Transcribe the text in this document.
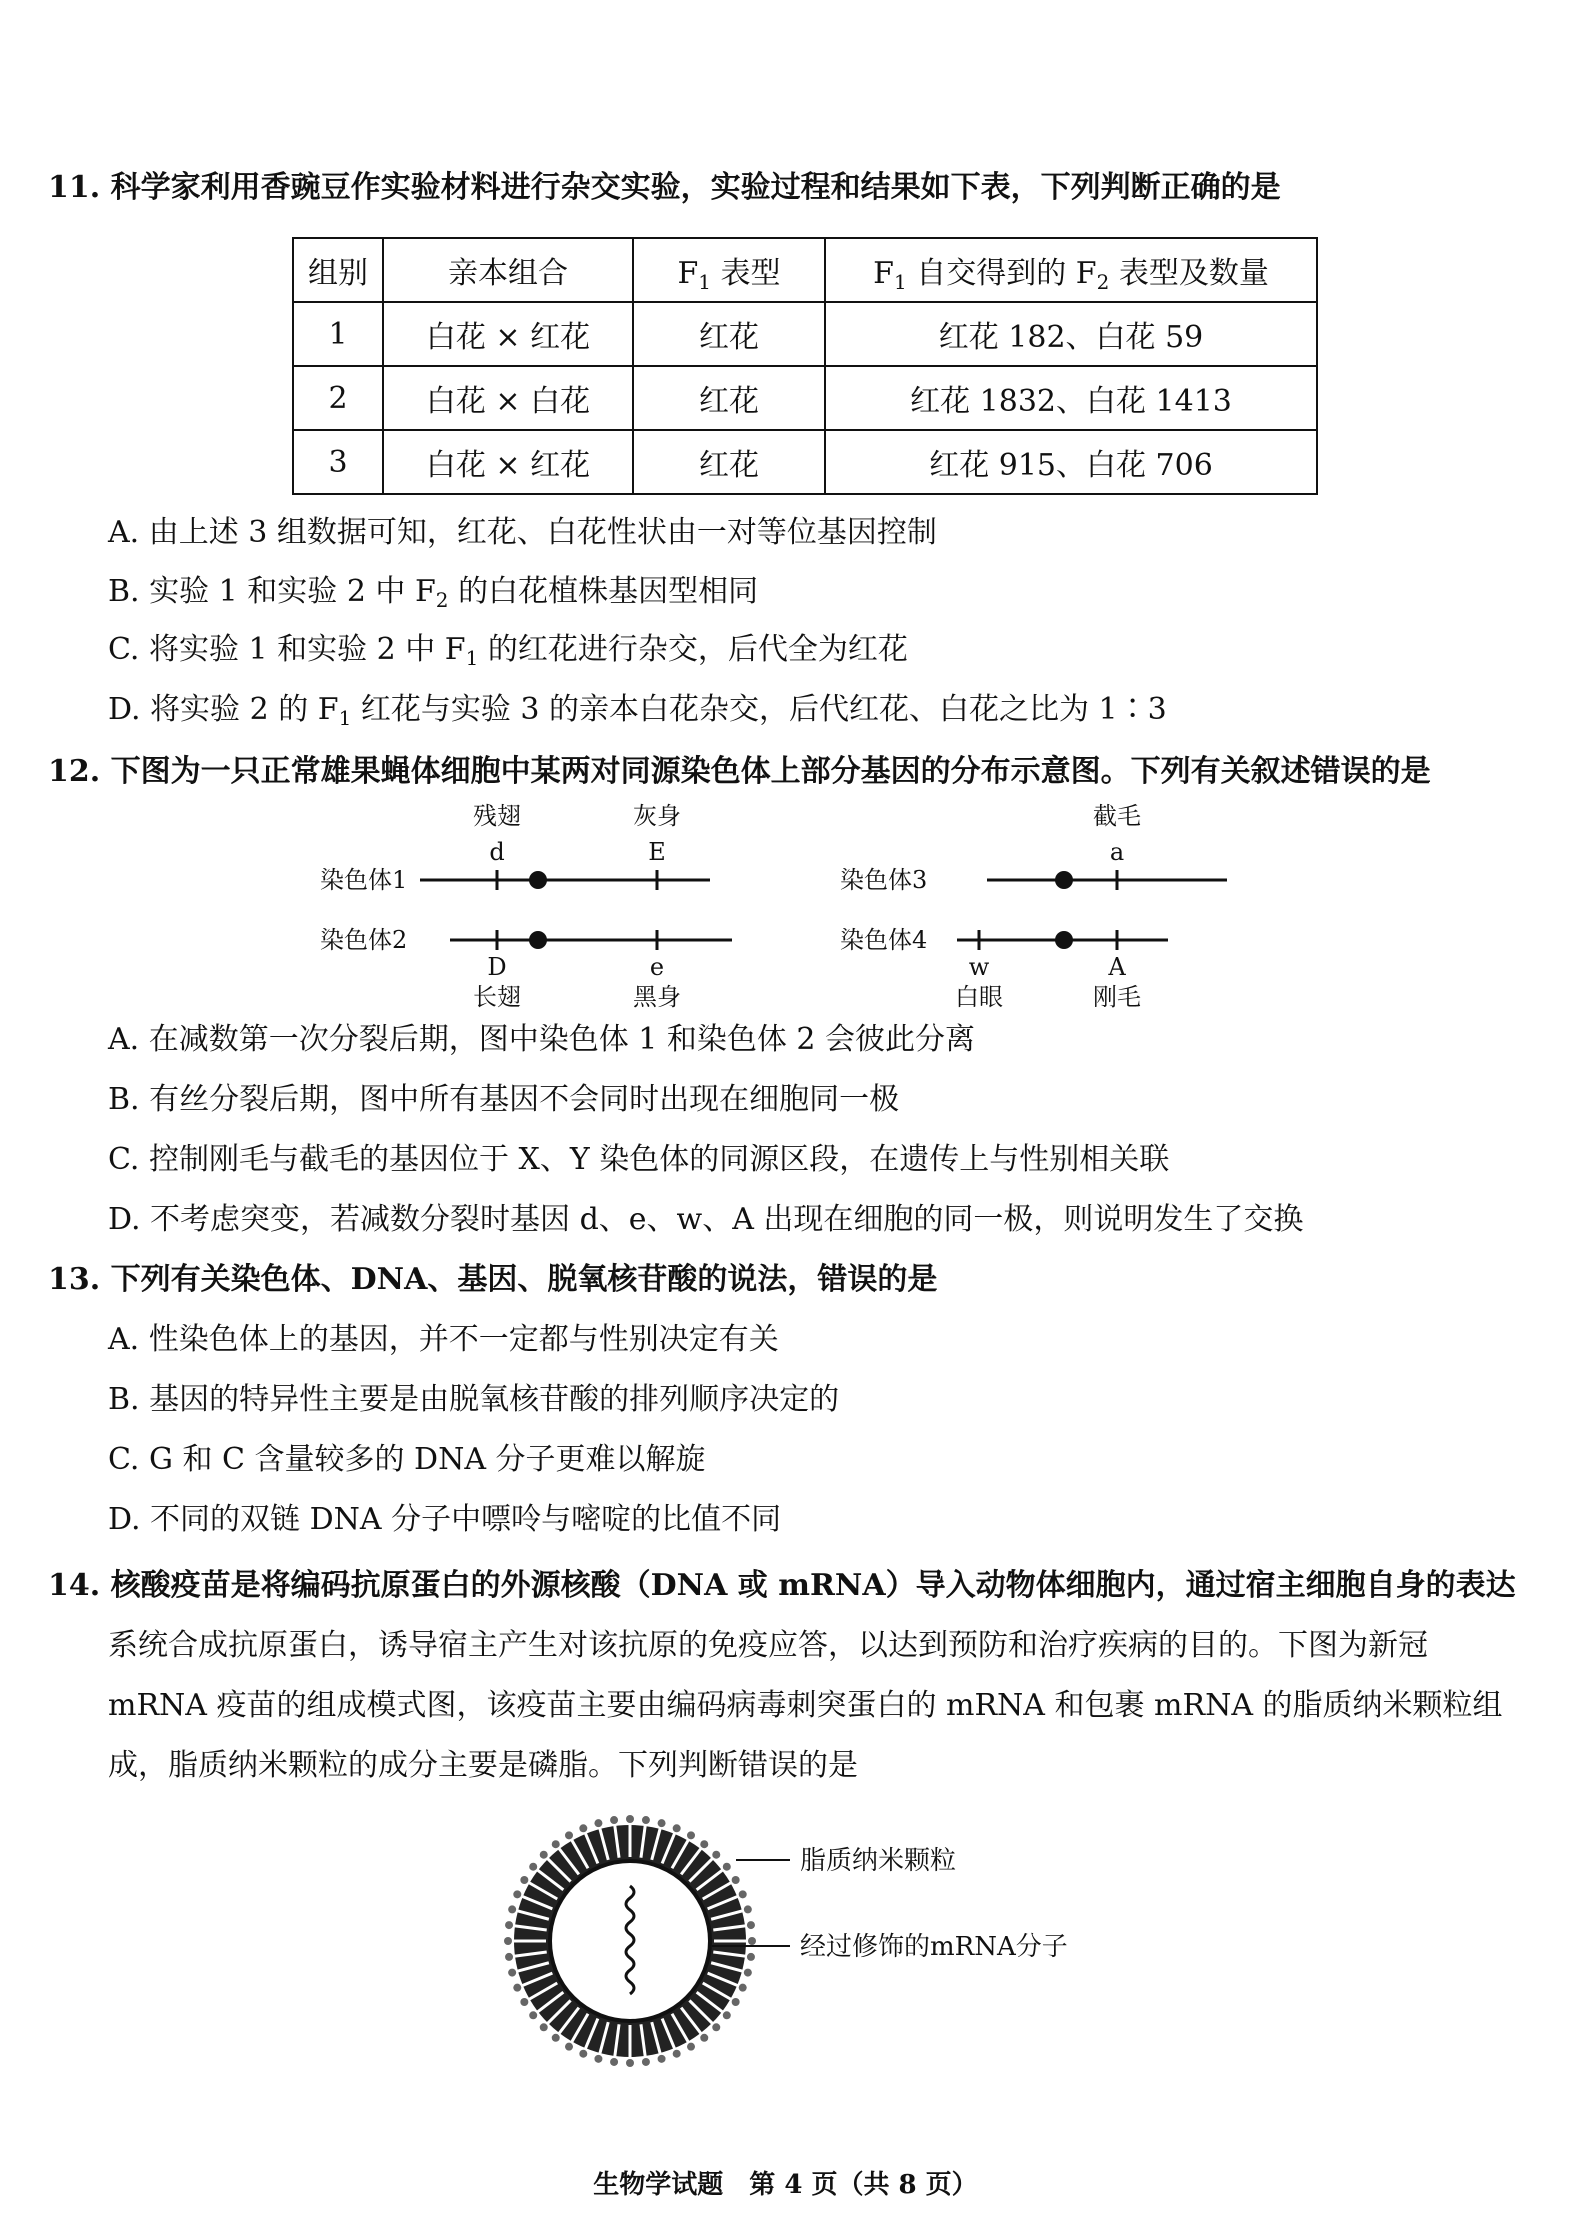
11. 科学家利用香豌豆作实验材料进行杂交实验，实验过程和结果如下表，下列判断正确的是
组别	亲本组合	$F_1$ 表型	$F_1$ 自交得到的 $F_2$ 表型及数量
1	白花 × 红花	红花	红花 182、白花 59
2	白花 × 白花	红花	红花 1832、白花 1413
3	白花 × 红花	红花	红花 915、白花 706
A. 由上述 3 组数据可知，红花、白花性状由一对等位基因控制
B. 实验 1 和实验 2 中 $F_2$ 的白花植株基因型相同
C. 将实验 1 和实验 2 中 $F_1$ 的红花进行杂交，后代全为红花
D. 将实验 2 的 $F_1$ 红花与实验 3 的亲本白花杂交，后代红花、白花之比为 1∶3
12. 下图为一只正常雄果蝇体细胞中某两对同源染色体上部分基因的分布示意图。下列有关叙述错误的是
染色体1
残翅
d
灰身
E
染色体2
D
长翅
e
黑身
染色体3
截毛
a
染色体4
w
白眼
A
刚毛
A. 在减数第一次分裂后期，图中染色体 1 和染色体 2 会彼此分离
B. 有丝分裂后期，图中所有基因不会同时出现在细胞同一极
C. 控制刚毛与截毛的基因位于 X、Y 染色体的同源区段，在遗传上与性别相关联
D. 不考虑突变，若减数分裂时基因 d、e、w、A 出现在细胞的同一极，则说明发生了交换
13. 下列有关染色体、DNA、基因、脱氧核苷酸的说法，错误的是
A. 性染色体上的基因，并不一定都与性别决定有关
B. 基因的特异性主要是由脱氧核苷酸的排列顺序决定的
C. G 和 C 含量较多的 DNA 分子更难以解旋
D. 不同的双链 DNA 分子中嘌呤与嘧啶的比值不同
14. 核酸疫苗是将编码抗原蛋白的外源核酸（DNA 或 mRNA）导入动物体细胞内，通过宿主细胞自身的表达
系统合成抗原蛋白，诱导宿主产生对该抗原的免疫应答，以达到预防和治疗疾病的目的。下图为新冠
mRNA 疫苗的组成模式图，该疫苗主要由编码病毒刺突蛋白的 mRNA 和包裹 mRNA 的脂质纳米颗粒组
成，脂质纳米颗粒的成分主要是磷脂。下列判断错误的是
脂质纳米颗粒
经过修饰的mRNA分子
生物学试题　第 4 页（共 8 页）
